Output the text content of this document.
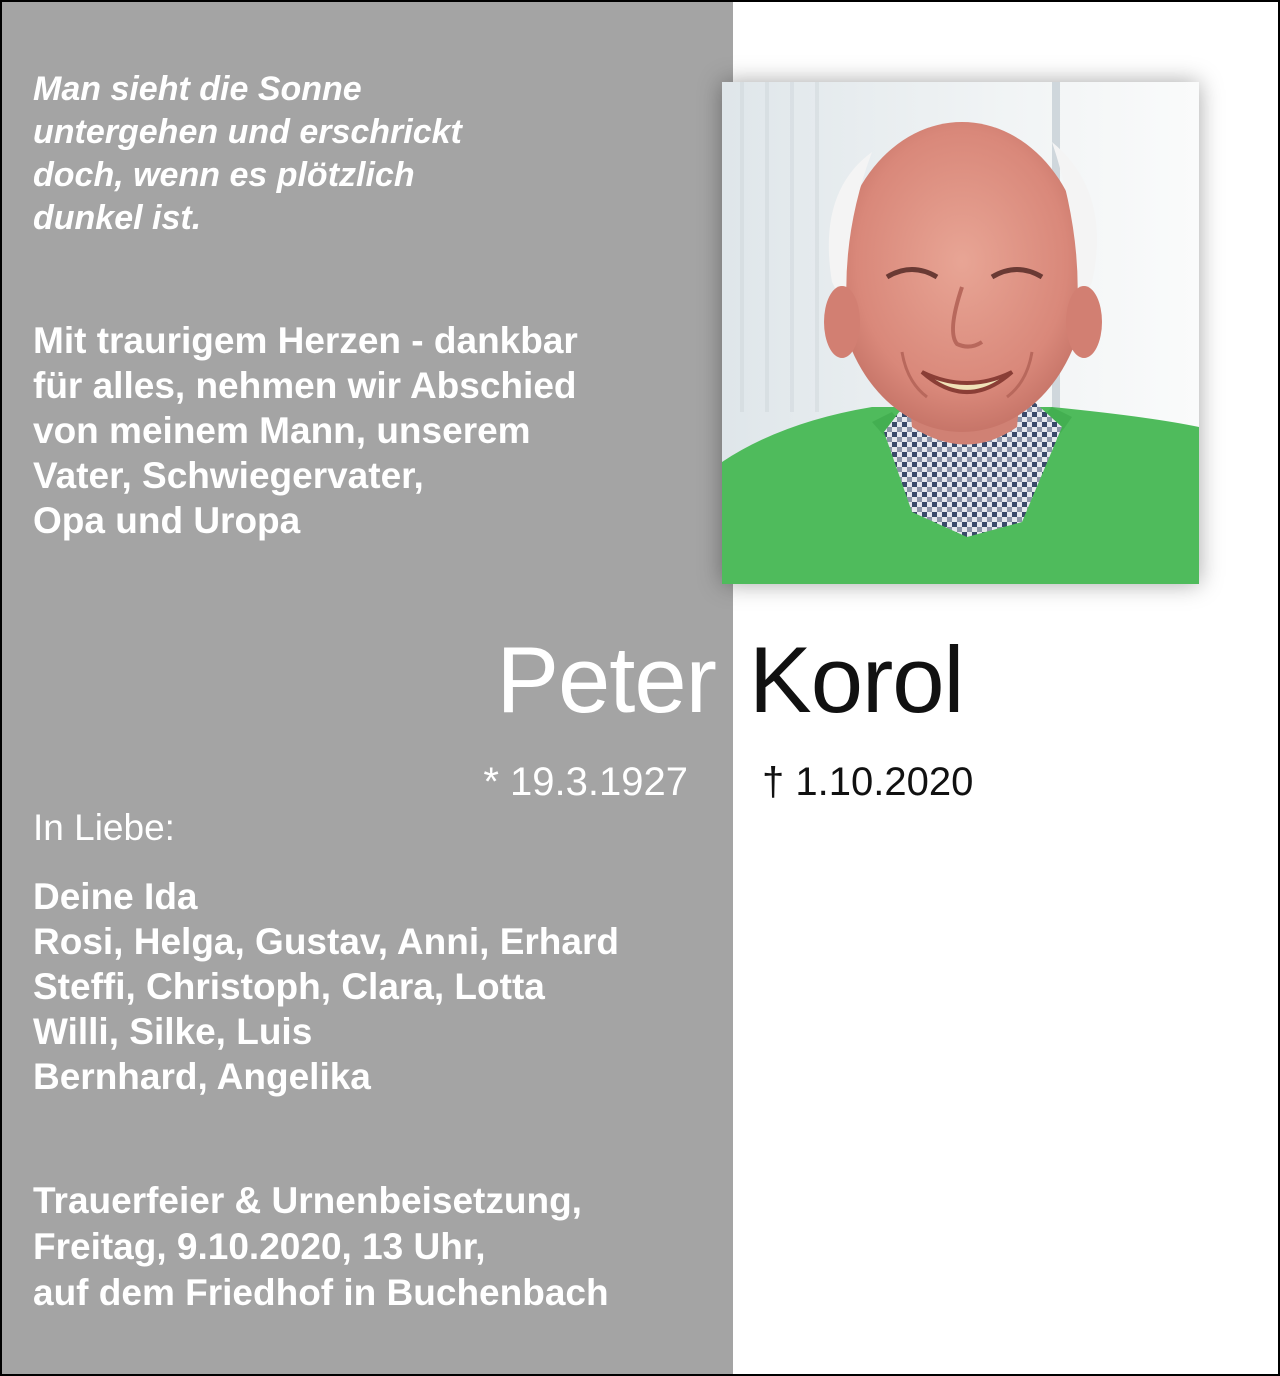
Man sieht die Sonne
untergehen und erschrickt
doch, wenn es plötzlich
dunkel ist.

Mit traurigem Herzen - dankbar
für alles, nehmen wir Abschied
von meinem Mann, unserem
Vater, Schwiegervater,
Opa und Uropa

Peter Korol

* 19.3.1927 † 1.10.2020

In Liebe:

Deine Ida
Rosi, Helga, Gustav, Anni, Erhard
Steffi, Christoph, Clara, Lotta
Willi, Silke, Luis
Bernhard, Angelika

Trauerfeier & Urnenbeisetzung,
Freitag, 9.10.2020, 13 Uhr,
auf dem Friedhof in Buchenbach
